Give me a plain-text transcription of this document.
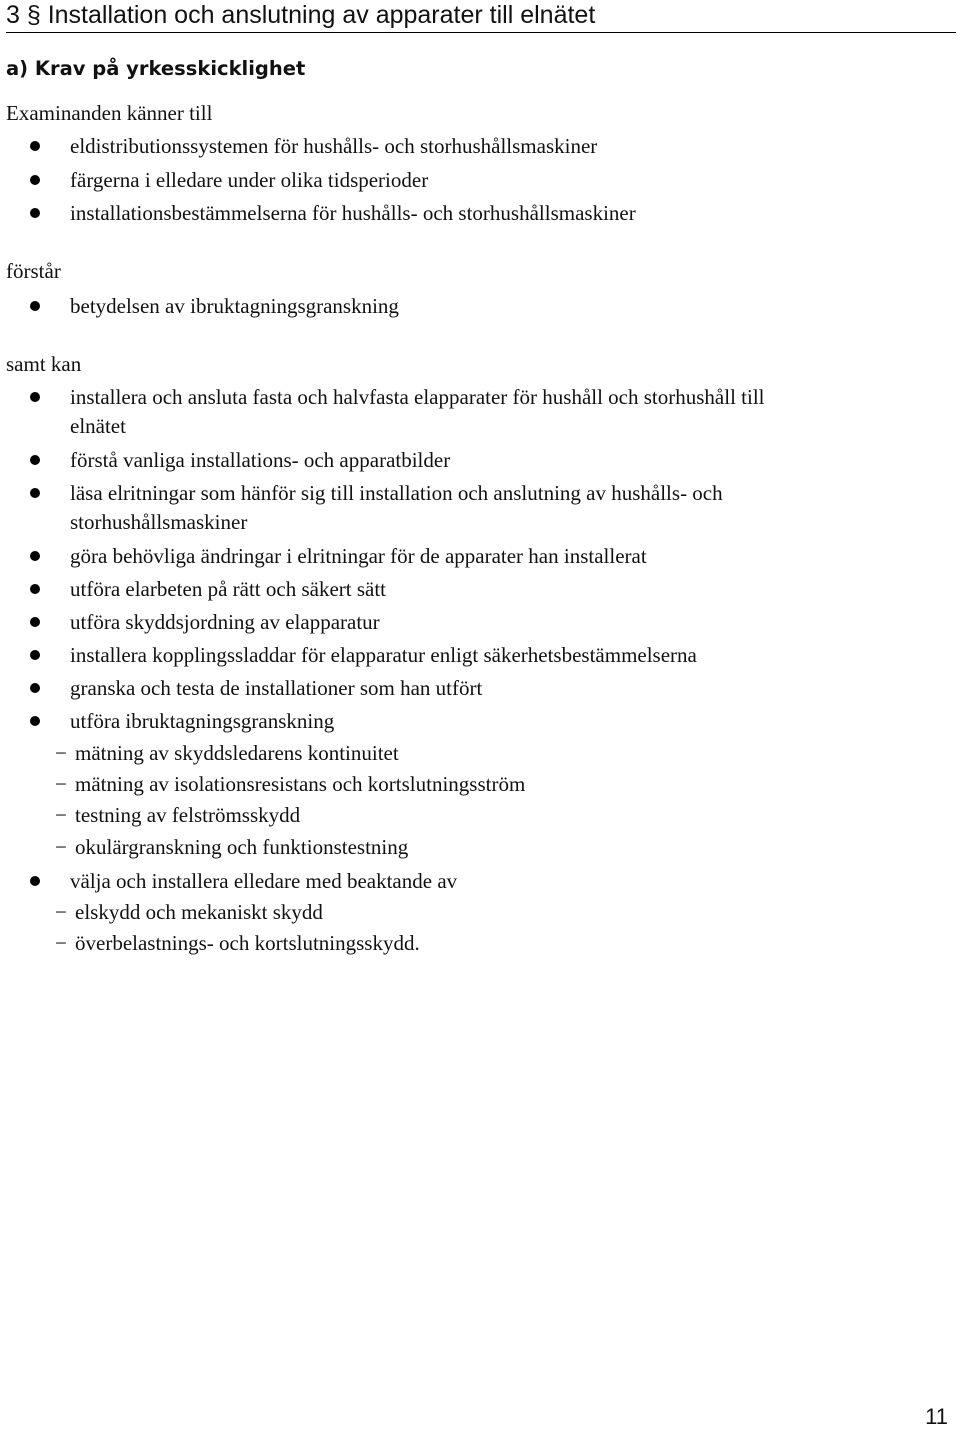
3 § Installation och anslutning av apparater till elnätet
a) Krav på yrkesskicklighet
Examinanden känner till
eldistributionssystemen för hushålls- och storhushållsmaskiner
färgerna i elledare under olika tidsperioder
installationsbestämmelserna för hushålls- och storhushållsmaskiner
förstår
betydelsen av ibruktagningsgranskning
samt kan
installera och ansluta fasta och halvfasta elapparater för hushåll och storhushåll till
elnätet
förstå vanliga installations- och apparatbilder
läsa elritningar som hänför sig till installation och anslutning av hushålls- och
storhushållsmaskiner
göra behövliga ändringar i elritningar för de apparater han installerat
utföra elarbeten på rätt och säkert sätt
utföra skyddsjordning av elapparatur
installera kopplingssladdar för elapparatur enligt säkerhetsbestämmelserna
granska och testa de installationer som han utfört
utföra ibruktagningsgranskning
− mätning av skyddsledarens kontinuitet
− mätning av isolationsresistans och kortslutningsström
− testning av felströmsskydd
− okulärgranskning och funktionstestning
välja och installera elledare med beaktande av
− elskydd och mekaniskt skydd
− överbelastnings- och kortslutningsskydd.
11
